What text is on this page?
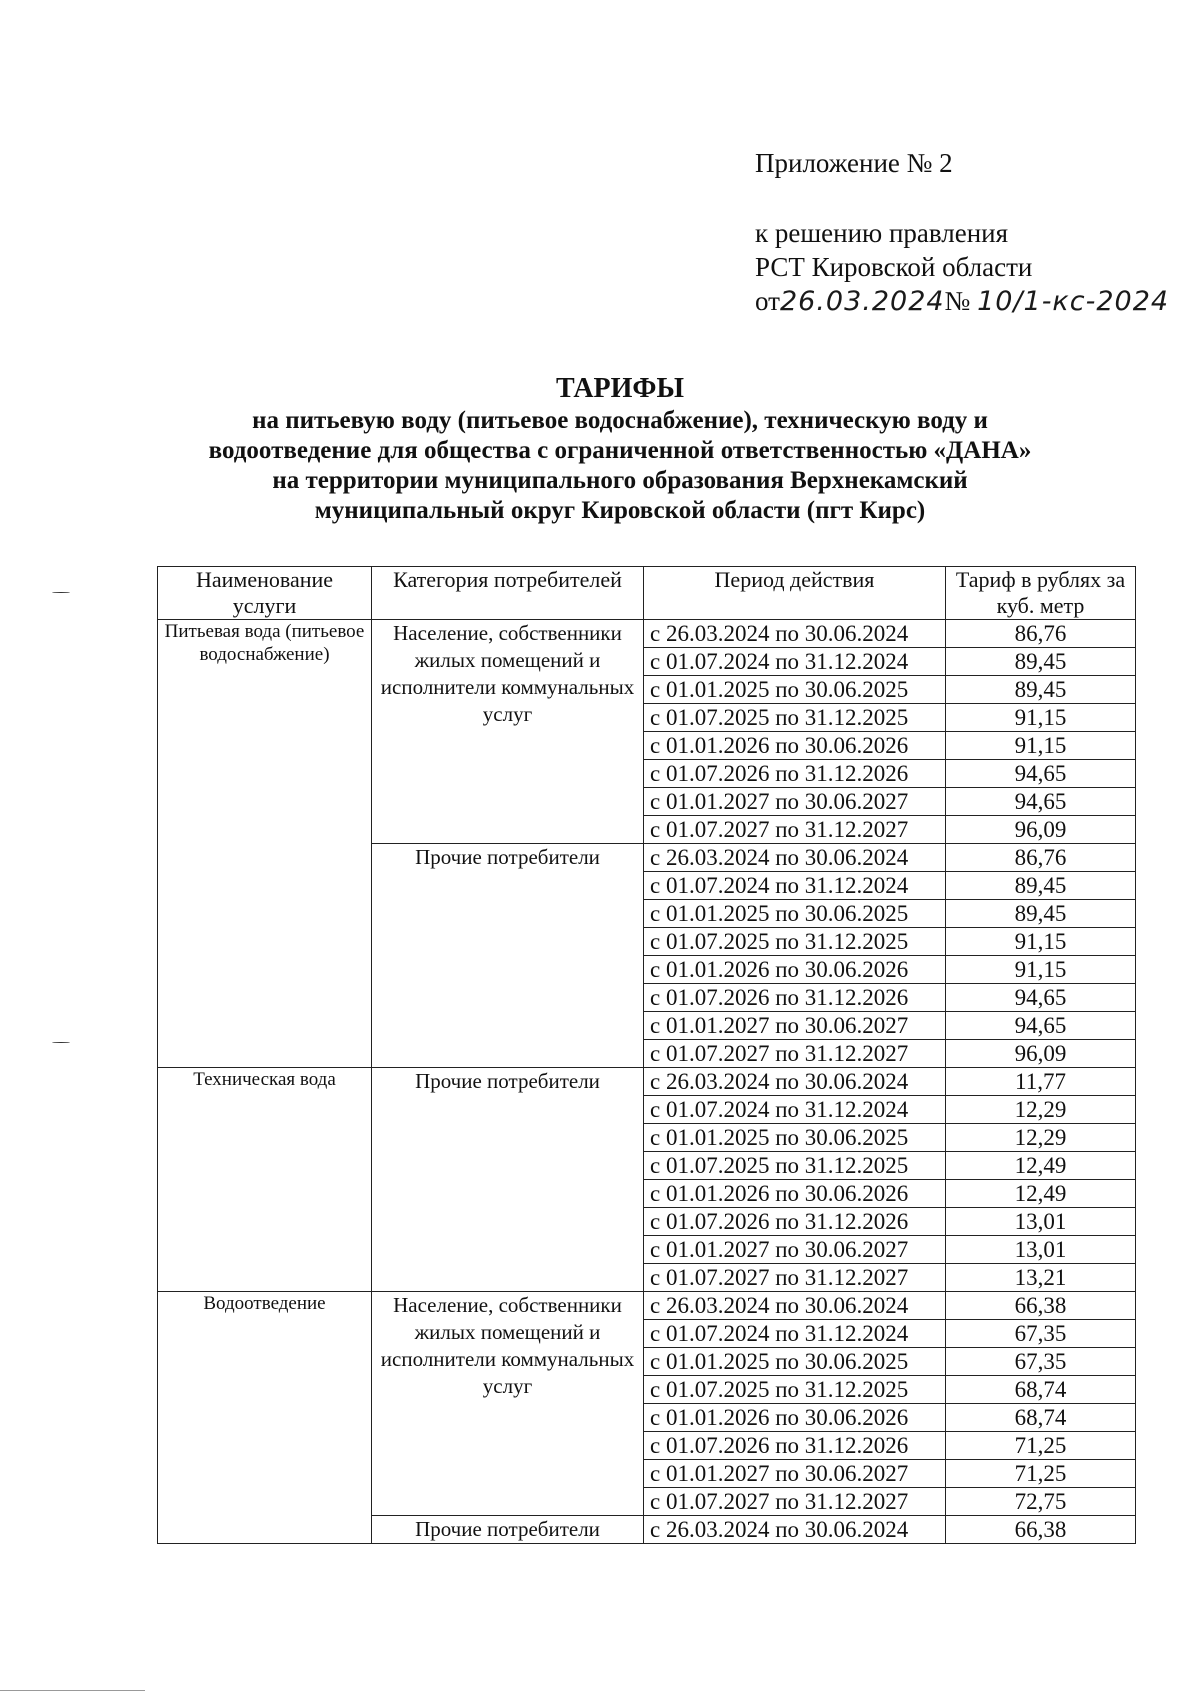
Приложение № 2
к решению правления
РСТ Кировской области
от26.03.2024№ 10/1-кс-2024
ТАРИФЫ
на питьевую воду (питьевое водоснабжение), техническую воду и
водоотведение для общества с ограниченной ответственностью «ДАНА»
на территории муниципального образования Верхнекамский
муниципальный округ Кировской области (пгт Кирс)
Наименование услуги	Категория потребителей	Период действия	Тариф в рублях за куб. метр
Питьевая вода (питьевое водоснабжение)	Население, собственники жилых помещений и исполнители коммунальных услуг	с 26.03.2024 по 30.06.2024	86,76
		с 01.07.2024 по 31.12.2024	89,45
		с 01.01.2025 по 30.06.2025	89,45
		с 01.07.2025 по 31.12.2025	91,15
		с 01.01.2026 по 30.06.2026	91,15
		с 01.07.2026 по 31.12.2026	94,65
		с 01.01.2027 по 30.06.2027	94,65
		с 01.07.2027 по 31.12.2027	96,09
	Прочие потребители	с 26.03.2024 по 30.06.2024	86,76
		с 01.07.2024 по 31.12.2024	89,45
		с 01.01.2025 по 30.06.2025	89,45
		с 01.07.2025 по 31.12.2025	91,15
		с 01.01.2026 по 30.06.2026	91,15
		с 01.07.2026 по 31.12.2026	94,65
		с 01.01.2027 по 30.06.2027	94,65
		с 01.07.2027 по 31.12.2027	96,09
Техническая вода	Прочие потребители	с 26.03.2024 по 30.06.2024	11,77
		с 01.07.2024 по 31.12.2024	12,29
		с 01.01.2025 по 30.06.2025	12,29
		с 01.07.2025 по 31.12.2025	12,49
		с 01.01.2026 по 30.06.2026	12,49
		с 01.07.2026 по 31.12.2026	13,01
		с 01.01.2027 по 30.06.2027	13,01
		с 01.07.2027 по 31.12.2027	13,21
Водоотведение	Население, собственники жилых помещений и исполнители коммунальных услуг	с 26.03.2024 по 30.06.2024	66,38
		с 01.07.2024 по 31.12.2024	67,35
		с 01.01.2025 по 30.06.2025	67,35
		с 01.07.2025 по 31.12.2025	68,74
		с 01.01.2026 по 30.06.2026	68,74
		с 01.07.2026 по 31.12.2026	71,25
		с 01.01.2027 по 30.06.2027	71,25
		с 01.07.2027 по 31.12.2027	72,75
	Прочие потребители	с 26.03.2024 по 30.06.2024	66,38
